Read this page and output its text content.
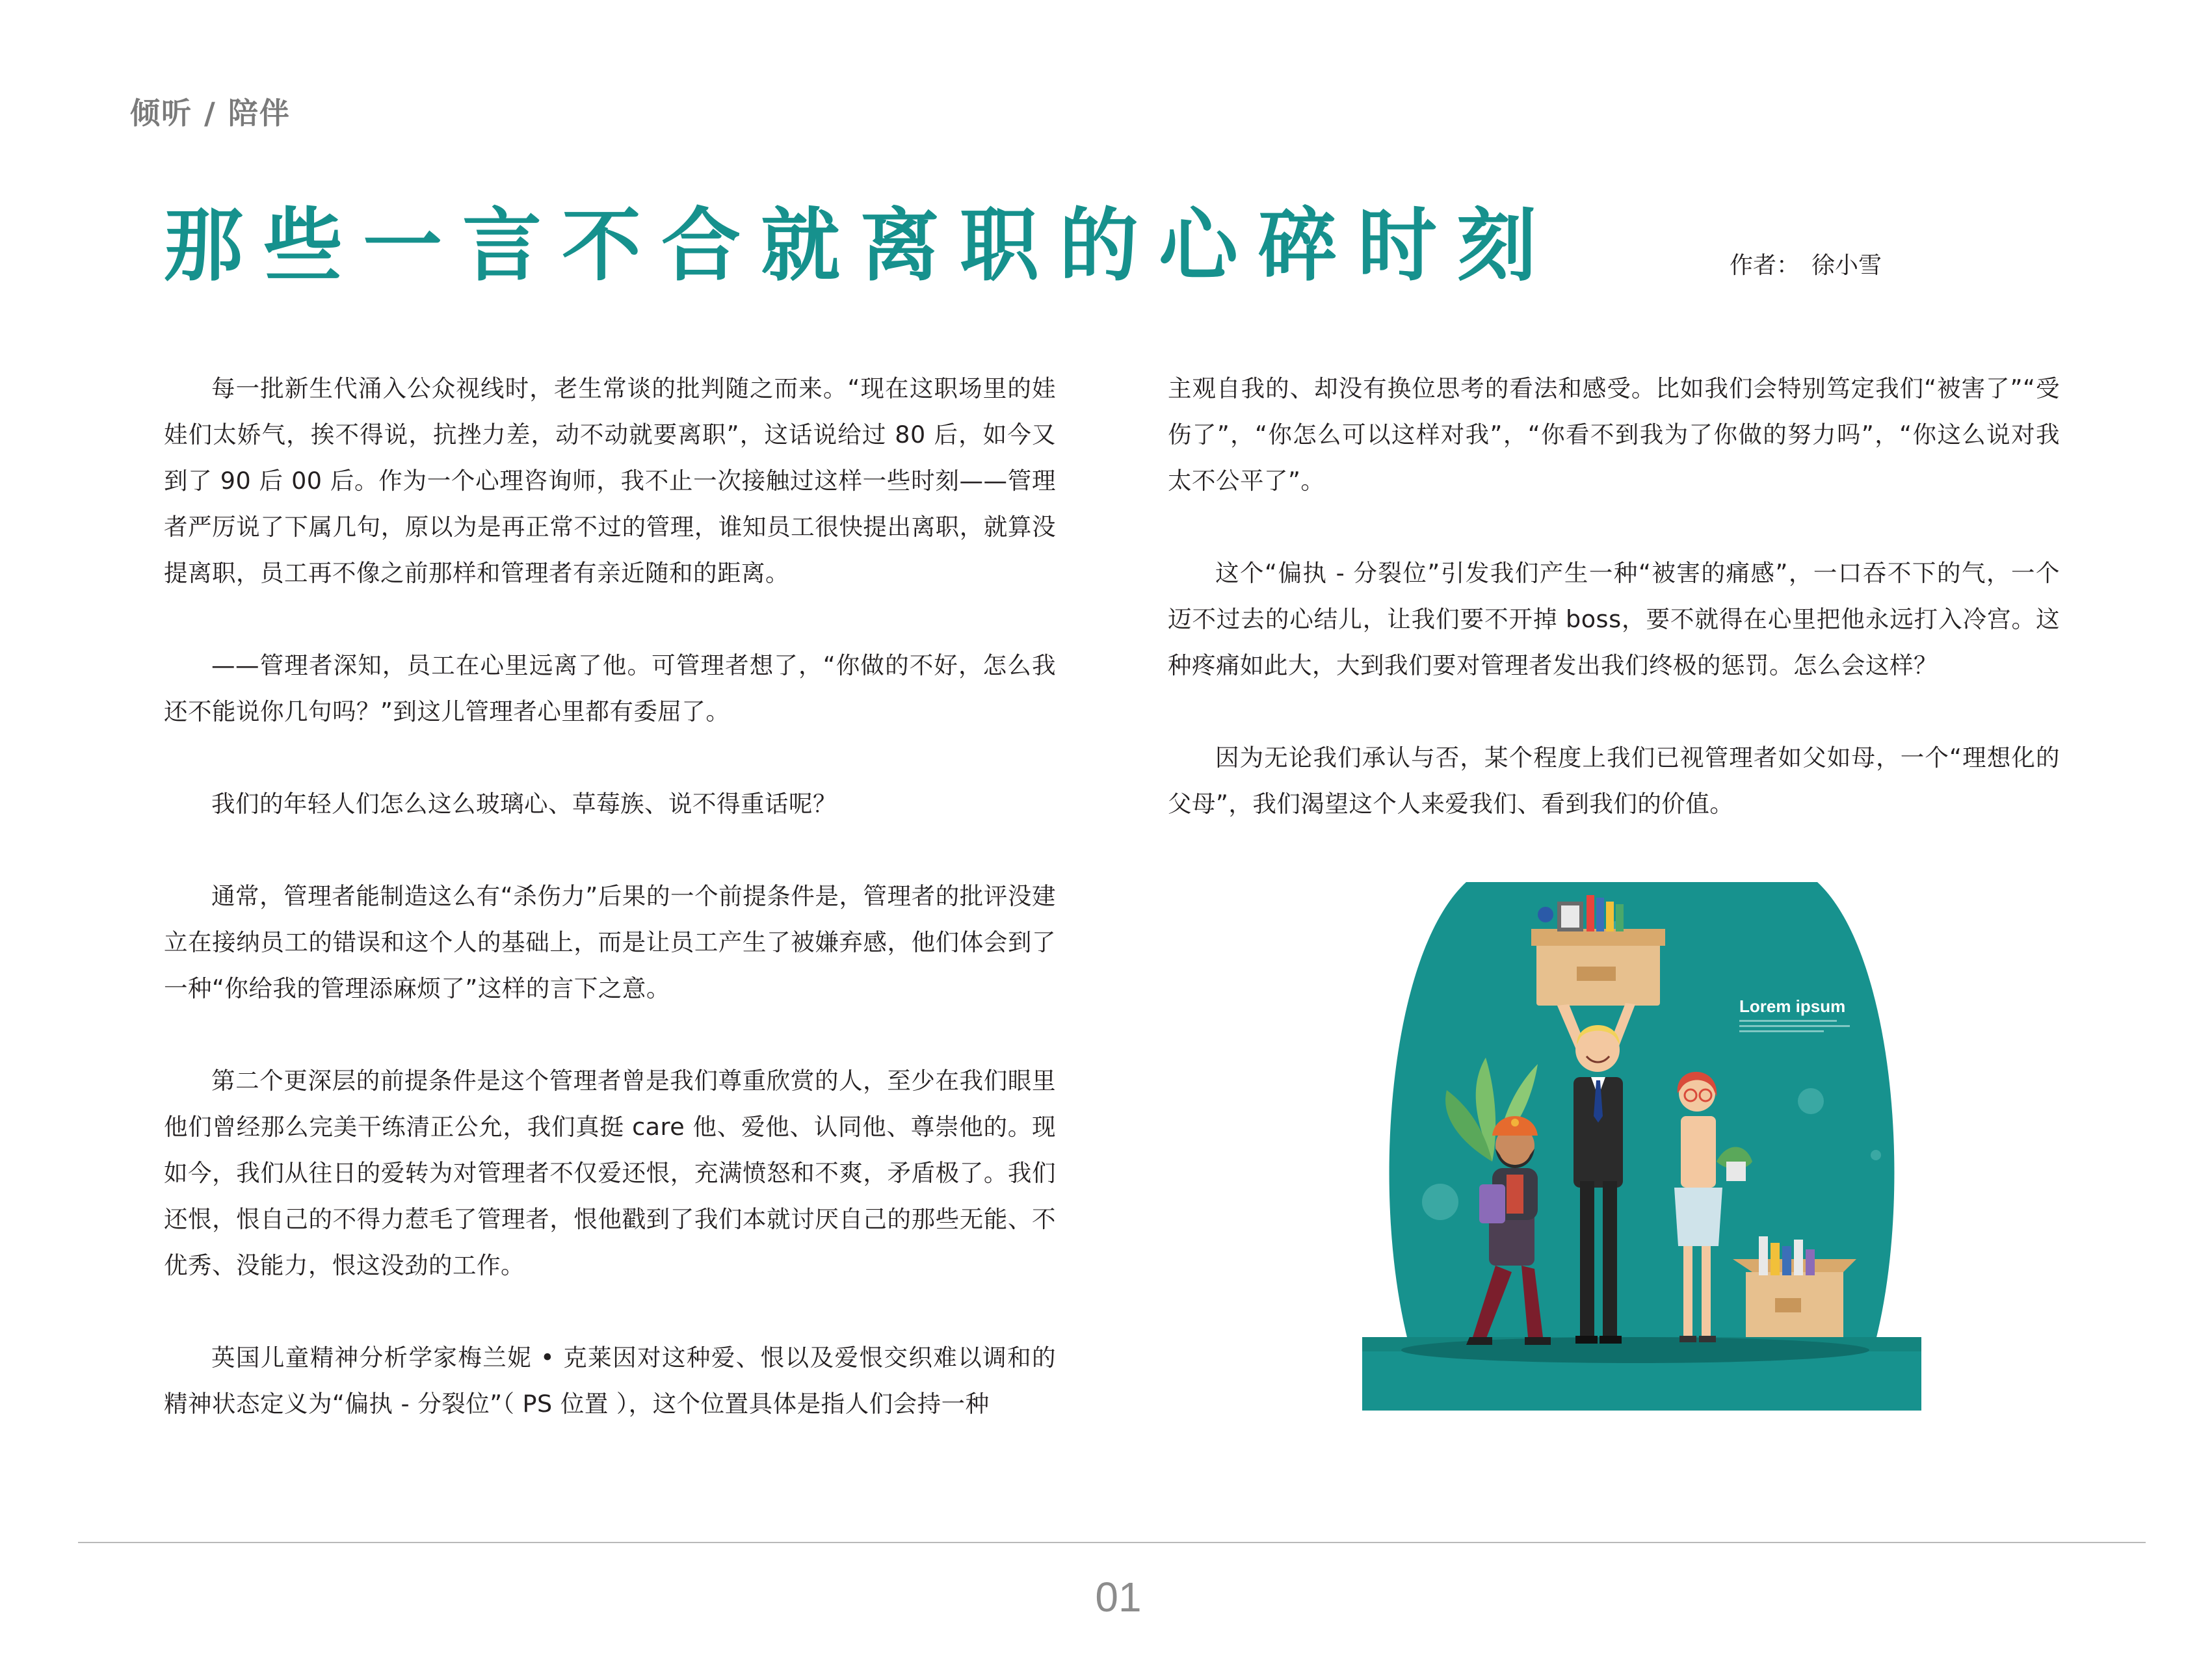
倾听 / 陪伴
那些一言不合就离职的心碎时刻	作者： 徐小雪

每一批新生代涌入公众视线时，老生常谈的批判随之而来。“现在这职场里的娃娃们太娇气，挨不得说，抗挫力差，动不动就要离职”，这话说给过 80 后，如今又到了 90 后 00 后。作为一个心理咨询师，我不止一次接触过这样一些时刻——管理者严厉说了下属几句，原以为是再正常不过的管理，谁知员工很快提出离职，就算没提离职，员工再不像之前那样和管理者有亲近随和的距离。

——管理者深知，员工在心里远离了他。可管理者想了，“你做的不好，怎么我还不能说你几句吗？”到这儿管理者心里都有委屈了。

我们的年轻人们怎么这么玻璃心、草莓族、说不得重话呢？

通常，管理者能制造这么有“杀伤力”后果的一个前提条件是，管理者的批评没建立在接纳员工的错误和这个人的基础上，而是让员工产生了被嫌弃感，他们体会到了一种“你给我的管理添麻烦了”这样的言下之意。

第二个更深层的前提条件是这个管理者曾是我们尊重欣赏的人，至少在我们眼里他们曾经那么完美干练清正公允，我们真挺 care 他、爱他、认同他、尊崇他的。现如今，我们从往日的爱转为对管理者不仅爱还恨，充满愤怒和不爽，矛盾极了。我们还恨，恨自己的不得力惹毛了管理者，恨他戳到了我们本就讨厌自己的那些无能、不优秀、没能力，恨这没劲的工作。

英国儿童精神分析学家梅兰妮 • 克莱因对这种爱、恨以及爱恨交织难以调和的精神状态定义为“偏执 - 分裂位”（ PS 位置 ），这个位置具体是指人们会持一种

主观自我的、却没有换位思考的看法和感受。比如我们会特别笃定我们“被害了”“受伤了”，“你怎么可以这样对我”，“你看不到我为了你做的努力吗”，“你这么说对我太不公平了”。

这个“偏执 - 分裂位”引发我们产生一种“被害的痛感”，一口吞不下的气，一个迈不过去的心结儿，让我们要不开掉 boss，要不就得在心里把他永远打入冷宫。这种疼痛如此大，大到我们要对管理者发出我们终极的惩罚。怎么会这样？

因为无论我们承认与否，某个程度上我们已视管理者如父如母，一个“理想化的父母”，我们渴望这个人来爱我们、看到我们的价值。

Lorem ipsum
01
